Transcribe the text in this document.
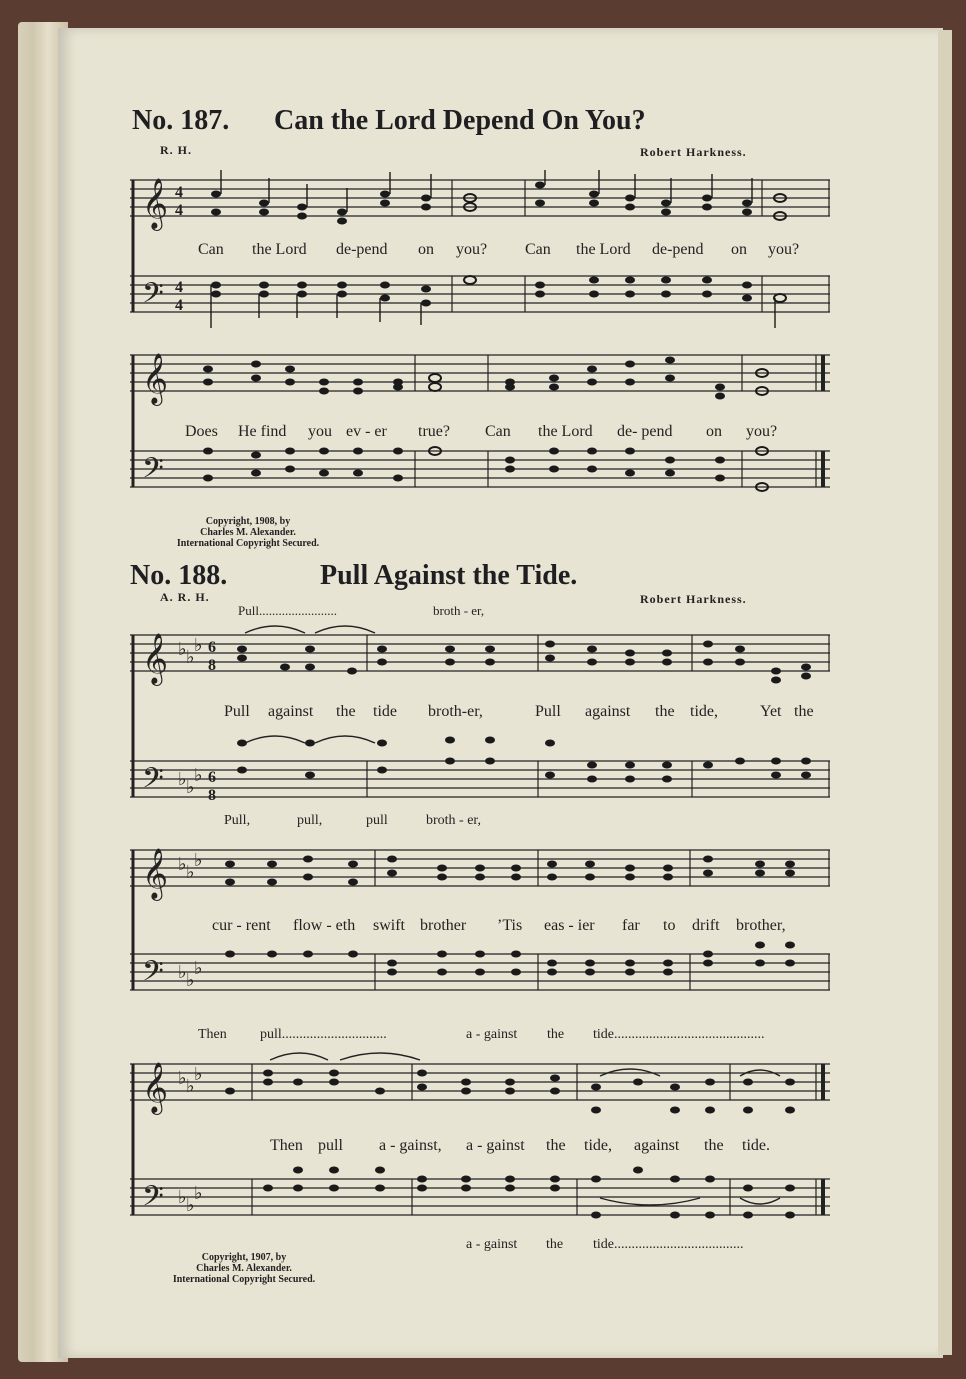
No. 187. Can the Lord Depend On You?
R. H.	Robert Harkness.
𝄞 4
4
𝄢 4
4
Can the Lord de-pend on you? Can the Lord de-pend on you?
𝄞
𝄢
Does He find you ev - er true? Can the Lord de- pend on you?
Copyright, 1908, by
Charles M. Alexander.
International Copyright Secured.
No. 188.	Pull Against the Tide.
A. R. H.	Robert Harkness.
Pull........................	broth - er,
𝄞 ♭ ♭
♭ 6
8
𝄢 ♭ ♭
♭ 6
8
Pull against the tide broth-er,	Pull against the tide,	Yet the
Pull,	pull,	pull	broth - er,
𝄞 ♭ ♭
♭
𝄢 ♭ ♭
♭
cur - rent flow - eth swift brother ’Tis eas - ier far to drift brother,
Then pull..............................	a - gainst the tide...........................................
𝄞 ♭ ♭
♭
𝄢 ♭ ♭
♭
Then pull a - gainst, a - gainst the tide, against the tide.
a - gainst the tide.....................................
Copyright, 1907, by
Charles M. Alexander.
International Copyright Secured.
